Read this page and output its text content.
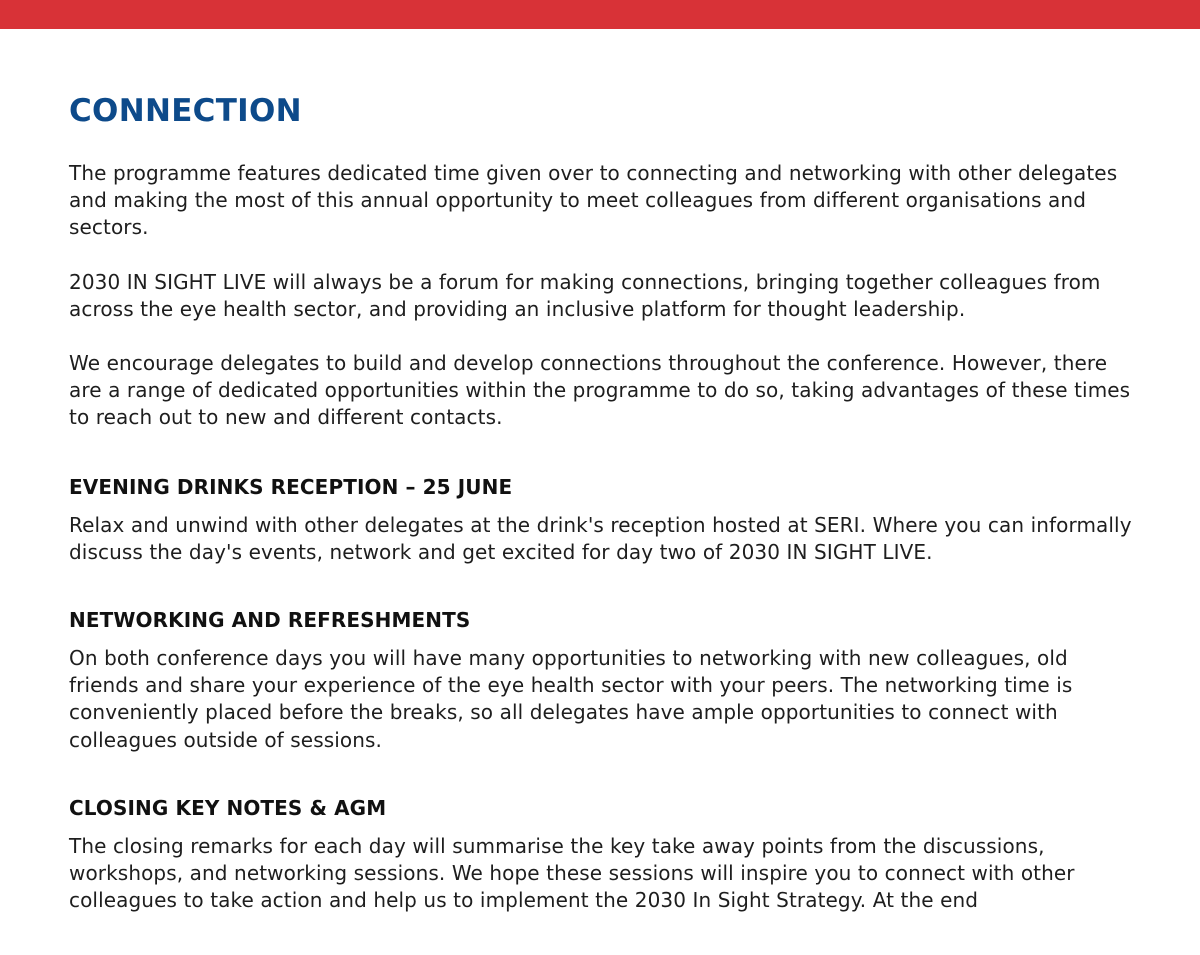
CONNECTION

The programme features dedicated time given over to connecting and networking with other delegates and making the most of this annual opportunity to meet colleagues from different organisations and sectors.

2030 IN SIGHT LIVE will always be a forum for making connections, bringing together colleagues from across the eye health sector, and providing an inclusive platform for thought leadership.

We encourage delegates to build and develop connections throughout the conference. However, there are a range of dedicated opportunities within the programme to do so, taking advantages of these times to reach out to new and different contacts.

EVENING DRINKS RECEPTION – 25 JUNE

Relax and unwind with other delegates at the drink's reception hosted at SERI. Where you can informally discuss the day's events, network and get excited for day two of 2030 IN SIGHT LIVE.

NETWORKING AND REFRESHMENTS

On both conference days you will have many opportunities to networking with new colleagues, old friends and share your experience of the eye health sector with your peers. The networking time is conveniently placed before the breaks, so all delegates have ample opportunities to connect with colleagues outside of sessions.

CLOSING KEY NOTES & AGM

The closing remarks for each day will summarise the key take away points from the discussions, workshops, and networking sessions. We hope these sessions will inspire you to connect with other colleagues to take action and help us to implement the 2030 In Sight Strategy. At the end
